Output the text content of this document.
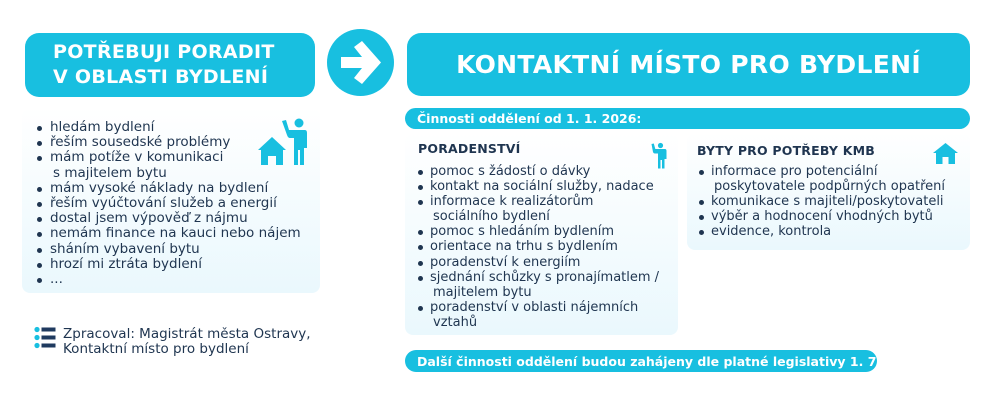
POTŘEBUJI PORADIT
V OBLASTI BYDLENÍ	KONTAKTNÍ MÍSTO PRO BYDLENÍ
hledám bydlení
řeším sousedské problémy
mám potíže v komunikaci
s majitelem bytu
mám vysoké náklady na bydlení
řeším vyúčtování služeb a energií
dostal jsem výpověď z nájmu
nemám finance na kauci nebo nájem
sháním vybavení bytu
hrozí mi ztráta bydlení
...
Činnosti oddělení od 1. 1. 2026:
PORADENSTVÍ
pomoc s žádostí o dávky
kontakt na sociální služby, nadace
informace k realizátorům
sociálního bydlení
pomoc s hledáním bydlením
orientace na trhu s bydlením
poradenství k energiím
sjednání schůzky s pronajímatlem /
majitelem bytu
poradenství v oblasti nájemních
vztahů
BYTY PRO POTŘEBY KMB
informace pro potenciální
poskytovatele podpůrných opatření
komunikace s majiteli/poskytovateli
výběr a hodnocení vhodných bytů
evidence, kontrola
Další činnosti oddělení budou zahájeny dle platné legislativy 1. 7. 2026
Zpracoval: Magistrát města Ostravy,
Kontaktní místo pro bydlení
